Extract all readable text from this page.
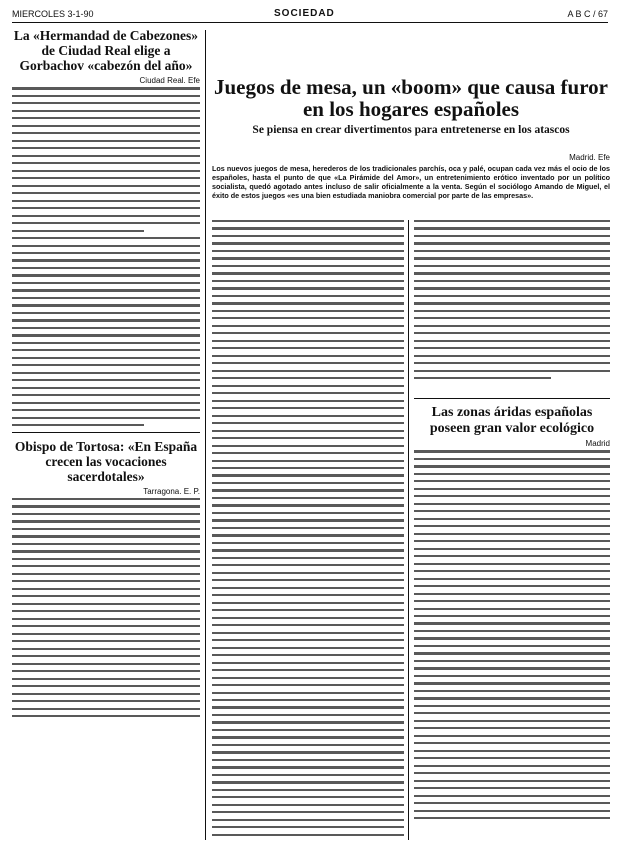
MIERCOLES 3-1-90	SOCIEDAD	A B C / 67
La «Hermandad de Cabezones» de Ciudad Real elige a Gorbachov «cabezón del año»
Ciudad Real. Efe
Obispo de Tortosa: «En España crecen las vocaciones sacerdotales»
Tarragona. E. P.
Juegos de mesa, un «boom» que causa furor en los hogares españoles
Se piensa en crear divertimentos para entretenerse en los atascos
Madrid. Efe

Los nuevos juegos de mesa, herederos de los tradicionales parchís, oca y palé, ocupan cada vez más el ocio de los españoles, hasta el punto de que «La Pirámide del Amor», un entretenimiento erótico inventado por un político socialista, quedó agotado antes incluso de salir oficialmente a la venta. Según el sociólogo Amando de Miguel, el éxito de estos juegos «es una bien estudiada maniobra comercial por parte de las empresas».

Las zonas áridas españolas poseen gran valor ecológico
Madrid
